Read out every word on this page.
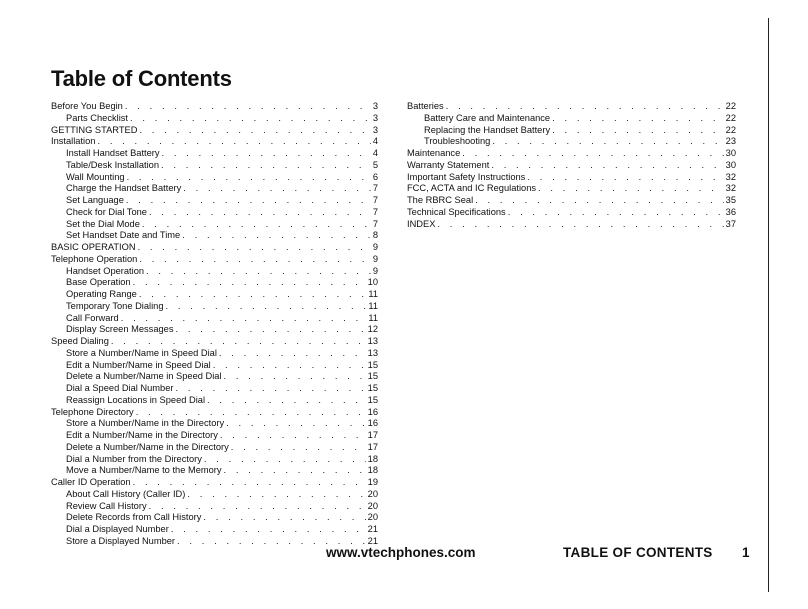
Table of Contents
Before You Begin . . .	3
Parts Checklist . . .	3
GETTING STARTED . . .	3
Installation . . .	4
Install Handset Battery . . .	4
Table/Desk Installation . . .	5
Wall Mounting . . .	6
Charge the Handset Battery . . .	7
Set Language . . .	7
Check for Dial Tone . . .	7
Set the Dial Mode . . .	7
Set Handset Date and Time . . .	8
BASIC OPERATION . . .	9
Telephone Operation . . .	9
Handset Operation . . .	9
Base Operation . . .	10
Operating Range . . .	11
Temporary Tone Dialing . . .	11
Call Forward . . .	11
Display Screen Messages . . .	12
Speed Dialing . . .	13
Store a Number/Name in Speed Dial . . .	13
Edit a Number/Name in Speed Dial . . .	15
Delete a Number/Name in Speed Dial . . .	15
Dial a Speed Dial Number . . .	15
Reassign Locations in Speed Dial . . .	15
Telephone Directory . . .	16
Store a Number/Name in the Directory . . .	16
Edit a Number/Name in the Directory . . .	17
Delete a Number/Name in the Directory . . .	17
Dial a Number from the Directory . . .	18
Move a Number/Name to the Memory . . .	18
Caller ID Operation . . .	19
About Call History (Caller ID) . . .	20
Review Call History . . .	20
Delete Records from Call History . . .	20
Dial a Displayed Number . . .	21
Store a Displayed Number . . .	21
Batteries . . .	22
Battery Care and Maintenance . . .	22
Replacing the Handset Battery . . .	22
Troubleshooting . . .	23
Maintenance . . .	30
Warranty Statement . . .	30
Important Safety Instructions . . .	32
FCC, ACTA and IC Regulations . . .	32
The RBRC Seal . . .	35
Technical Specifications . . .	36
INDEX . . .	37
www.vtechphones.com	TABLE OF CONTENTS 1
